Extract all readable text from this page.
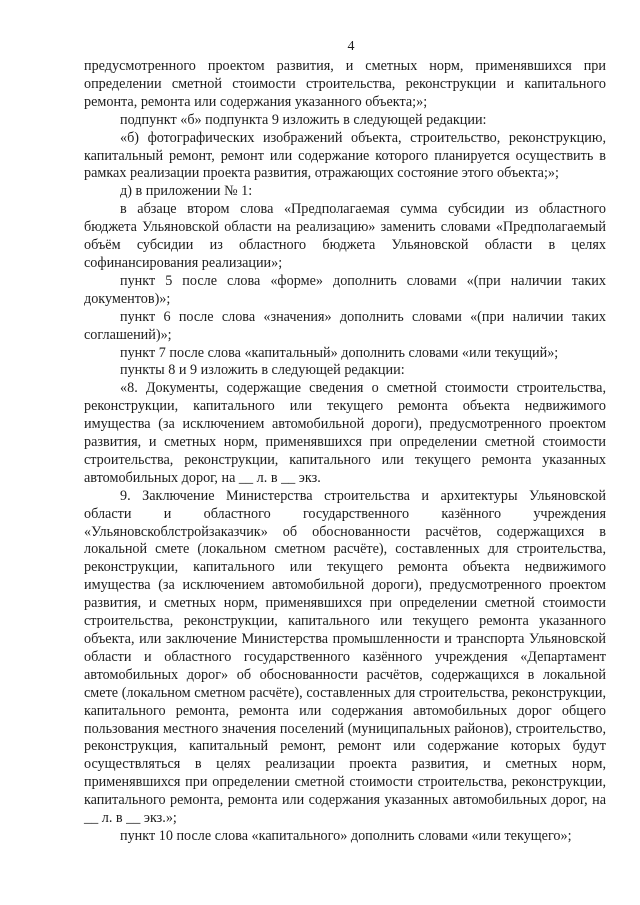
4

предусмотренного проектом развития, и сметных норм, применявшихся при определении сметной стоимости строительства, реконструкции и капитального ремонта, ремонта или содержания указанного объекта;»;

подпункт «б» подпункта 9 изложить в следующей редакции:

«б) фотографических изображений объекта, строительство, реконструкцию, капитальный ремонт, ремонт или содержание которого планируется осуществить в рамках реализации проекта развития, отражающих состояние этого объекта;»;

д) в приложении № 1:

в абзаце втором слова «Предполагаемая сумма субсидии из областного бюджета Ульяновской области на реализацию» заменить словами «Предполагаемый объём субсидии из областного бюджета Ульяновской области в целях софинансирования реализации»;

пункт 5 после слова «форме» дополнить словами «(при наличии таких документов)»;

пункт 6 после слова «значения» дополнить словами «(при наличии таких соглашений)»;

пункт 7 после слова «капитальный» дополнить словами «или текущий»;

пункты 8 и 9 изложить в следующей редакции:

«8. Документы, содержащие сведения о сметной стоимости строительства, реконструкции, капитального или текущего ремонта объекта недвижимого имущества (за исключением автомобильной дороги), предусмотренного проектом развития, и сметных норм, применявшихся при определении сметной стоимости строительства, реконструкции, капитального или текущего ремонта указанных автомобильных дорог, на __ л. в __ экз.

9. Заключение Министерства строительства и архитектуры Ульяновской области и областного государственного казённого учреждения «Ульяновскоблстройзаказчик» об обоснованности расчётов, содержащихся в локальной смете (локальном сметном расчёте), составленных для строительства, реконструкции, капитального или текущего ремонта объекта недвижимого имущества (за исключением автомобильной дороги), предусмотренного проектом развития, и сметных норм, применявшихся при определении сметной стоимости строительства, реконструкции, капитального или текущего ремонта указанного объекта, или заключение Министерства промышленности и транспорта Ульяновской области и областного государственного казённого учреждения «Департамент автомобильных дорог» об обоснованности расчётов, содержащихся в локальной смете (локальном сметном расчёте), составленных для строительства, реконструкции, капитального ремонта, ремонта или содержания автомобильных дорог общего пользования местного значения поселений (муниципальных районов), строительство, реконструкция, капитальный ремонт, ремонт или содержание которых будут осуществляться в целях реализации проекта развития, и сметных норм, применявшихся при определении сметной стоимости строительства, реконструкции, капитального ремонта, ремонта или содержания указанных автомобильных дорог, на __ л. в __ экз.»;

пункт 10 после слова «капитального» дополнить словами «или текущего»;
